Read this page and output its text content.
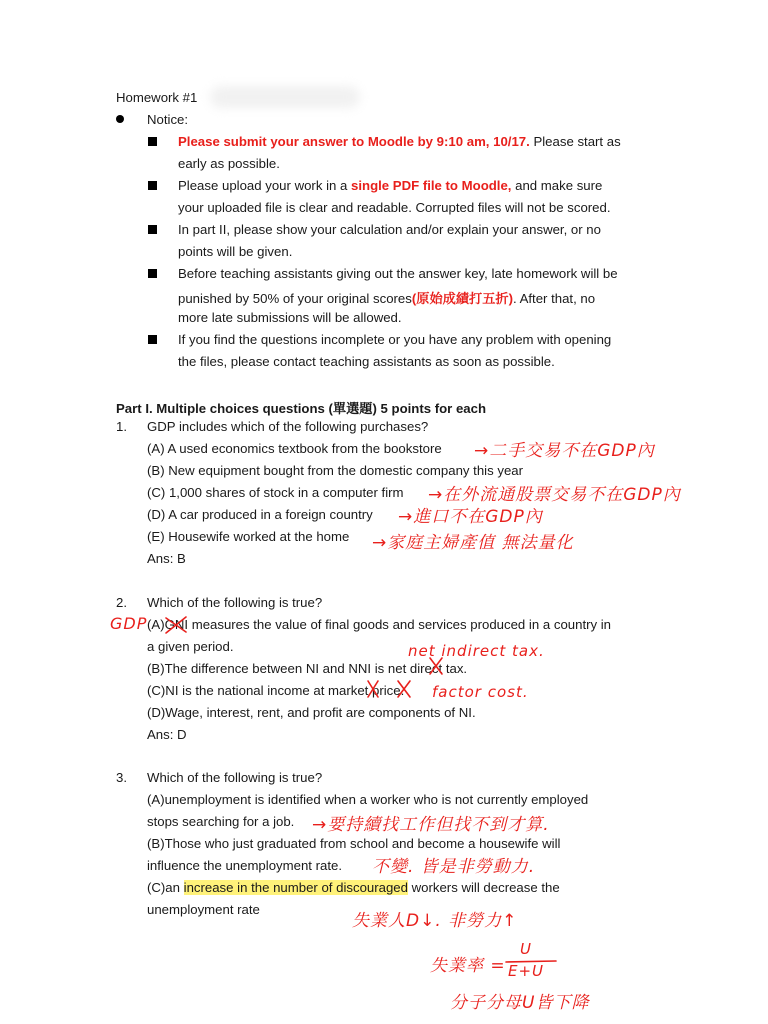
Homework #1
Notice:
Please submit your answer to Moodle by 9:10 am, 10/17. Please start as
early as possible.
Please upload your work in a single PDF file to Moodle, and make sure
your uploaded file is clear and readable. Corrupted files will not be scored.
In part II, please show your calculation and/or explain your answer, or no
points will be given.
Before teaching assistants giving out the answer key, late homework will be
punished by 50% of your original scores(原始成績打五折). After that, no
more late submissions will be allowed.
If you find the questions incomplete or you have any problem with opening
the files, please contact teaching assistants as soon as possible.
Part I. Multiple choices questions (單選題) 5 points for each
1. GDP includes which of the following purchases?
(A) A used economics textbook from the bookstore
(B) New equipment bought from the domestic company this year
(C) 1,000 shares of stock in a computer firm
(D) A car produced in a foreign country
(E) Housewife worked at the home
Ans: B
2. Which of the following is true?
(A)GNI measures the value of final goods and services produced in a country in
a given period.
(B)The difference between NI and NNI is net direct tax.
(C)NI is the national income at market price.
(D)Wage, interest, rent, and profit are components of NI.
Ans: D
3. Which of the following is true?
(A)unemployment is identified when a worker who is not currently employed
stops searching for a job.
(B)Those who just graduated from school and become a housewife will
influence the unemployment rate.
(C)an increase in the number of discouraged workers will decrease the
unemployment rate
→二手交易不在GDP內
→在外流通股票交易不在GDP內
→進口不在GDP內
→家庭主婦產值 無法量化
GDP
net indirect tax.
factor cost.
→要持續找工作但找不到才算.
不變. 皆是非勞動力.
失業人D↓. 非勞力↑
失業率 =
U
E+U
分子分母U皆下降
